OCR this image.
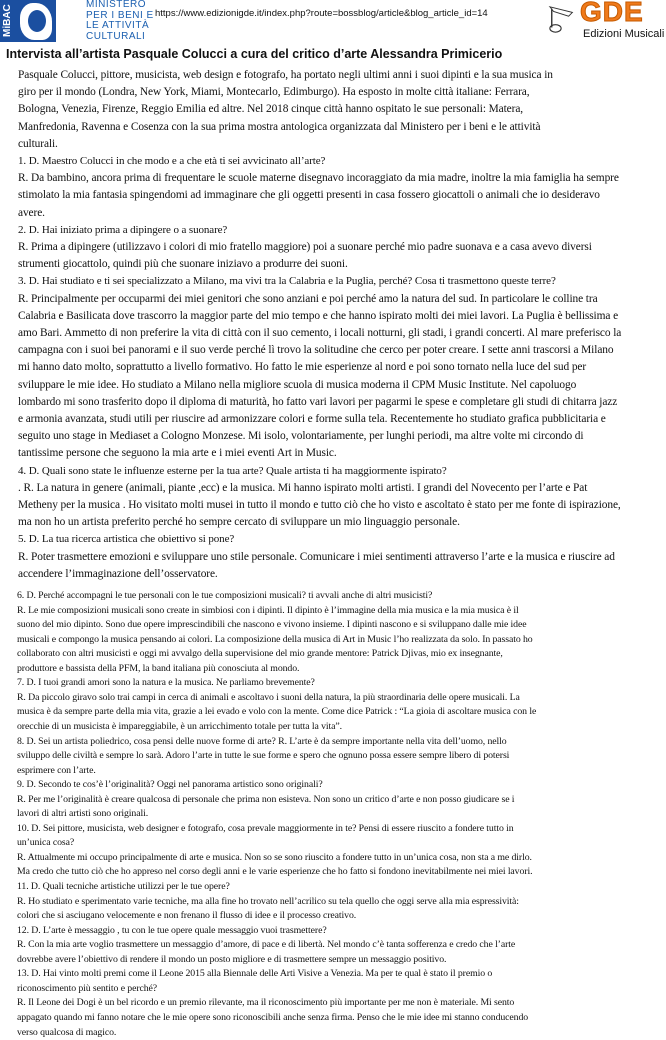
MiBAC
MINISTERO
PER I BENI E
LE ATTIVITÀ
CULTURALI
https://www.edizionigde.it/index.php?route=bossblog/article&blog_article_id=14	GDE
Edizioni Musicali
Intervista all’artista Pasquale Colucci a cura del critico d’arte Alessandra Primicerio
Pasquale Colucci, pittore, musicista, web design e fotografo, ha portato negli ultimi anni i suoi dipinti e la sua musica in
giro per il mondo (Londra, New York, Miami, Montecarlo, Edimburgo). Ha esposto in molte città italiane: Ferrara,
Bologna, Venezia, Firenze, Reggio Emilia ed altre. Nel 2018 cinque città hanno ospitato le sue personali: Matera,
Manfredonia, Ravenna e Cosenza con la sua prima mostra antologica organizzata dal Ministero per i beni e le attività
culturali.
1. D. Maestro Colucci in che modo e a che età ti sei avvicinato all’arte?
R. Da bambino, ancora prima di frequentare le scuole materne disegnavo incoraggiato da mia madre, inoltre la mia famiglia ha sempre
stimolato la mia fantasia spingendomi ad immaginare che gli oggetti presenti in casa fossero giocattoli o animali che io desideravo
avere.
2. D. Hai iniziato prima a dipingere o a suonare?
R. Prima a dipingere (utilizzavo i colori di mio fratello maggiore) poi a suonare perché mio padre suonava e a casa avevo diversi
strumenti giocattolo, quindi più che suonare iniziavo a produrre dei suoni.
3. D. Hai studiato e ti sei specializzato a Milano, ma vivi tra la Calabria e la Puglia, perché? Cosa ti trasmettono queste terre?
R. Principalmente per occuparmi dei miei genitori che sono anziani e poi perché amo la natura del sud. In particolare le colline tra
Calabria e Basilicata dove trascorro la maggior parte del mio tempo e che hanno ispirato molti dei miei lavori. La Puglia è bellissima e
amo Bari. Ammetto di non preferire la vita di città con il suo cemento, i locali notturni, gli stadi, i grandi concerti. Al mare preferisco la
campagna con i suoi bei panorami e il suo verde perché lì trovo la solitudine che cerco per poter creare. I sette anni trascorsi a Milano
mi hanno dato molto, soprattutto a livello formativo. Ho fatto le mie esperienze al nord e poi sono tornato nella luce del sud per
sviluppare le mie idee. Ho studiato a Milano nella migliore scuola di musica moderna il CPM Music Institute. Nel capoluogo
lombardo mi sono trasferito dopo il diploma di maturità, ho fatto vari lavori per pagarmi le spese e completare gli studi di chitarra jazz
e armonia avanzata, studi utili per riuscire ad armonizzare colori e forme sulla tela. Recentemente ho studiato grafica pubblicitaria e
seguito uno stage in Mediaset a Cologno Monzese. Mi isolo, volontariamente, per lunghi periodi, ma altre volte mi circondo di
tantissime persone che seguono la mia arte e i miei eventi Art in Music.
4. D. Quali sono state le influenze esterne per la tua arte? Quale artista ti ha maggiormente ispirato?
. R. La natura in genere (animali, piante ,ecc) e la musica. Mi hanno ispirato molti artisti. I grandi del Novecento per l’arte e Pat
Metheny per la musica . Ho visitato molti musei in tutto il mondo e tutto ciò che ho visto e ascoltato è stato per me fonte di ispirazione,
ma non ho un artista preferito perché ho sempre cercato di sviluppare un mio linguaggio personale.
5. D. La tua ricerca artistica che obiettivo si pone?
R. Poter trasmettere emozioni e sviluppare uno stile personale. Comunicare i miei sentimenti attraverso l’arte e la musica e riuscire ad
accendere l’immaginazione dell’osservatore.
6. D. Perché accompagni le tue personali con le tue composizioni musicali? ti avvali anche di altri musicisti?
R. Le mie composizioni musicali sono create in simbiosi con i dipinti. Il dipinto è l’immagine della mia musica e la mia musica è il
suono del mio dipinto. Sono due opere imprescindibili che nascono e vivono insieme. I dipinti nascono e si sviluppano dalle mie idee
musicali e compongo la musica pensando ai colori. La composizione della musica di Art in Music l’ho realizzata da solo. In passato ho
collaborato con altri musicisti e oggi mi avvalgo della supervisione del mio grande mentore: Patrick Djivas, mio ex insegnante,
produttore e bassista della PFM, la band italiana più conosciuta al mondo.
7. D. I tuoi grandi amori sono la natura e la musica. Ne parliamo brevemente?
R. Da piccolo giravo solo trai campi in cerca di animali e ascoltavo i suoni della natura, la più straordinaria delle opere musicali. La
musica è da sempre parte della mia vita, grazie a lei evado e volo con la mente. Come dice Patrick : “La gioia di ascoltare musica con le
orecchie di un musicista è impareggiabile, è un arricchimento totale per tutta la vita”.
8. D. Sei un artista poliedrico, cosa pensi delle nuove forme di arte? R. L’arte è da sempre importante nella vita dell’uomo, nello
sviluppo delle civiltà e sempre lo sarà. Adoro l’arte in tutte le sue forme e spero che ognuno possa essere sempre libero di potersi
esprimere con l’arte.
9. D. Secondo te cos’è l’originalità? Oggi nel panorama artistico sono originali?
R. Per me l’originalità è creare qualcosa di personale che prima non esisteva. Non sono un critico d’arte e non posso giudicare se i
lavori di altri artisti sono originali.
10. D. Sei pittore, musicista, web designer e fotografo, cosa prevale maggiormente in te? Pensi di essere riuscito a fondere tutto in
un’unica cosa?
R. Attualmente mi occupo principalmente di arte e musica. Non so se sono riuscito a fondere tutto in un’unica cosa, non sta a me dirlo.
Ma credo che tutto ciò che ho appreso nel corso degli anni e le varie esperienze che ho fatto si fondono inevitabilmente nei miei lavori.
11. D. Quali tecniche artistiche utilizzi per le tue opere?
R. Ho studiato e sperimentato varie tecniche, ma alla fine ho trovato nell’acrilico su tela quello che oggi serve alla mia espressività:
colori che si asciugano velocemente e non frenano il flusso di idee e il processo creativo.
12. D. L’arte è messaggio , tu con le tue opere quale messaggio vuoi trasmettere?
R. Con la mia arte voglio trasmettere un messaggio d’amore, di pace e di libertà. Nel mondo c’è tanta sofferenza e credo che l’arte
dovrebbe avere l’obiettivo di rendere il mondo un posto migliore e di trasmettere sempre un messaggio positivo.
13. D. Hai vinto molti premi come il Leone 2015 alla Biennale delle Arti Visive a Venezia. Ma per te qual è stato il premio o
riconoscimento più sentito e perché?
R. Il Leone dei Dogi è un bel ricordo e un premio rilevante, ma il riconoscimento più importante per me non è materiale. Mi sento
appagato quando mi fanno notare che le mie opere sono riconoscibili anche senza firma. Penso che le mie idee mi stanno conducendo
verso qualcosa di magico.
